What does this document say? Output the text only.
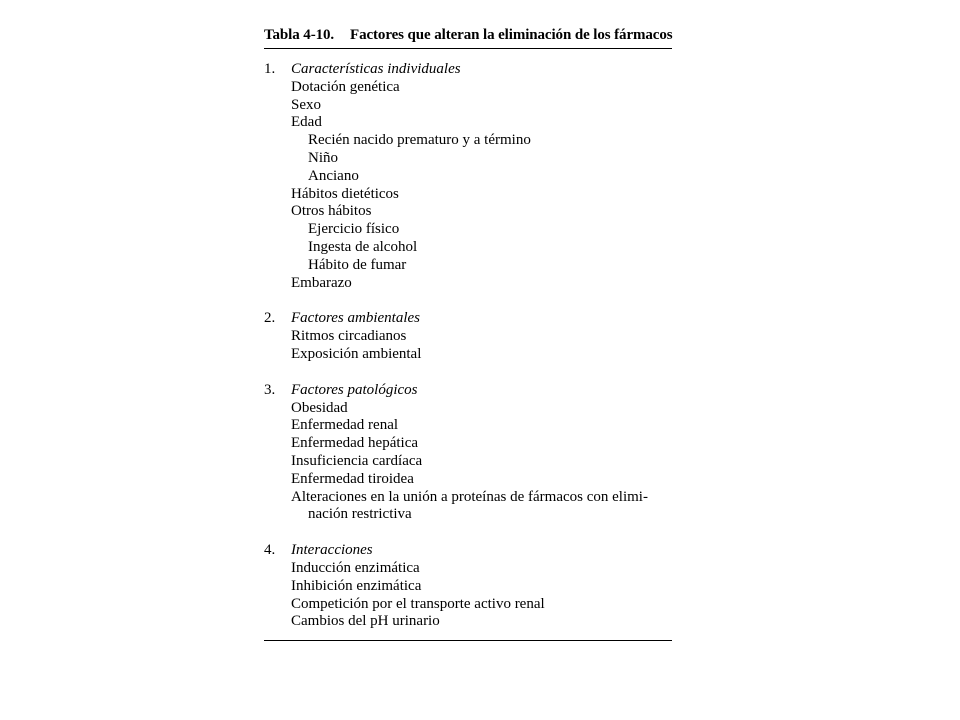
Tabla 4-10. Factores que alteran la eliminación de los fármacos
1. Características individuales
Dotación genética
Sexo
Edad
Recién nacido prematuro y a término
Niño
Anciano
Hábitos dietéticos
Otros hábitos
Ejercicio físico
Ingesta de alcohol
Hábito de fumar
Embarazo
2. Factores ambientales
Ritmos circadianos
Exposición ambiental
3. Factores patológicos
Obesidad
Enfermedad renal
Enfermedad hepática
Insuficiencia cardíaca
Enfermedad tiroidea
Alteraciones en la unión a proteínas de fármacos con elimi-
nación restrictiva
4. Interacciones
Inducción enzimática
Inhibición enzimática
Competición por el transporte activo renal
Cambios del pH urinario
